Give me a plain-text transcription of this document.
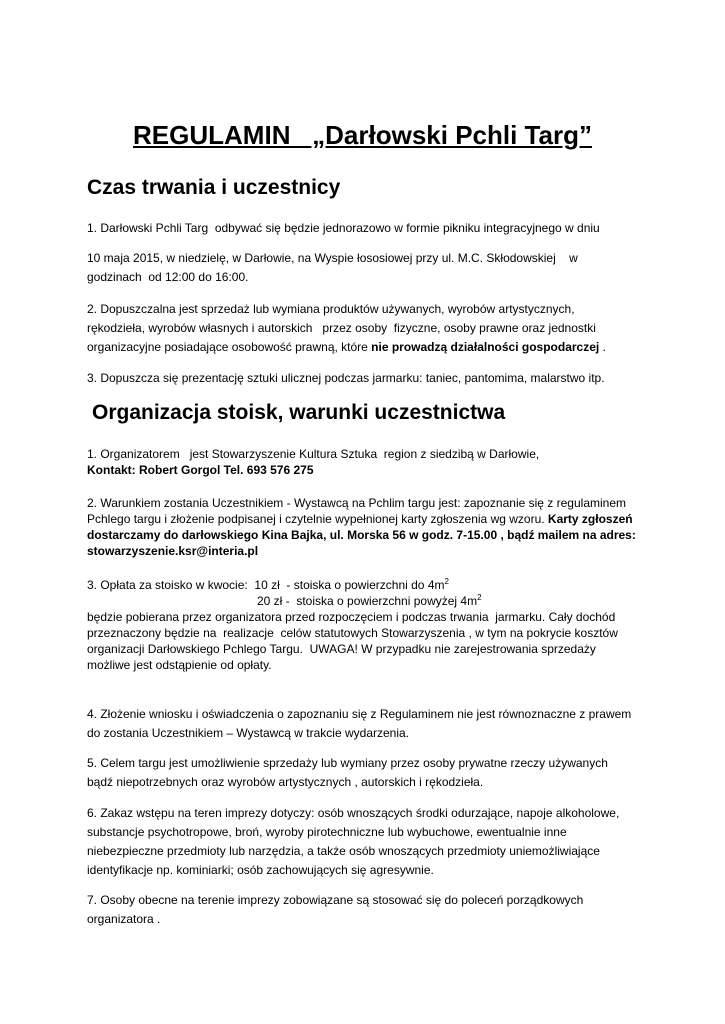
REGULAMIN   „Darłowski Pchli Targ”
Czas trwania i uczestnicy

1. Darłowski Pchli Targ  odbywać się będzie jednorazowo w formie pikniku integracyjnego w dniu

10 maja 2015, w niedzielę, w Darłowie, na Wyspie łososiowej przy ul. M.C. Skłodowskiej    w
godzinach  od 12:00 do 16:00.

2. Dopuszczalna jest sprzedaż lub wymiana produktów używanych, wyrobów artystycznych,
rękodzieła, wyrobów własnych i autorskich   przez osoby  fizyczne, osoby prawne oraz jednostki
organizacyjne posiadające osobowość prawną, które nie prowadzą działalności gospodarczej .

3. Dopuszcza się prezentację sztuki ulicznej podczas jarmarku: taniec, pantomima, malarstwo itp.

Organizacja stoisk, warunki uczestnictwa

1. Organizatorem   jest Stowarzyszenie Kultura Sztuka  region z siedzibą w Darłowie,
Kontakt: Robert Gorgol Tel. 693 576 275

2. Warunkiem zostania Uczestnikiem - Wystawcą na Pchlim targu jest: zapoznanie się z regulaminem
Pchlego targu i złożenie podpisanej i czytelnie wypełnionej karty zgłoszenia wg wzoru. Karty zgłoszeń
dostarczamy do darłowskiego Kina Bajka, ul. Morska 56 w godz. 7-15.00 , bądź mailem na adres:
stowarzyszenie.ksr@interia.pl

3. Opłata za stoisko w kwocie:  10 zł  - stoiska o powierzchni do $4m^2$
20 zł -  stoiska o powierzchni powyżej $4m^2$
będzie pobierana przez organizatora przed rozpoczęciem i podczas trwania  jarmarku. Cały dochód
przeznaczony będzie na  realizacje  celów statutowych Stowarzyszenia , w tym na pokrycie kosztów
organizacji Darłowskiego Pchlego Targu.  UWAGA! W przypadku nie zarejestrowania sprzedaży
możliwe jest odstąpienie od opłaty.

4. Złożenie wniosku i oświadczenia o zapoznaniu się z Regulaminem nie jest równoznaczne z prawem
do zostania Uczestnikiem – Wystawcą w trakcie wydarzenia.

5. Celem targu jest umożliwienie sprzedaży lub wymiany przez osoby prywatne rzeczy używanych
bądź niepotrzebnych oraz wyrobów artystycznych , autorskich i rękodzieła.

6. Zakaz wstępu na teren imprezy dotyczy: osób wnoszących środki odurzające, napoje alkoholowe,
substancje psychotropowe, broń, wyroby pirotechniczne lub wybuchowe, ewentualnie inne
niebezpieczne przedmioty lub narzędzia, a także osób wnoszących przedmioty uniemożliwiające
identyfikacje np. kominiarki; osób zachowujących się agresywnie.

7. Osoby obecne na terenie imprezy zobowiązane są stosować się do poleceń porządkowych
organizatora .
